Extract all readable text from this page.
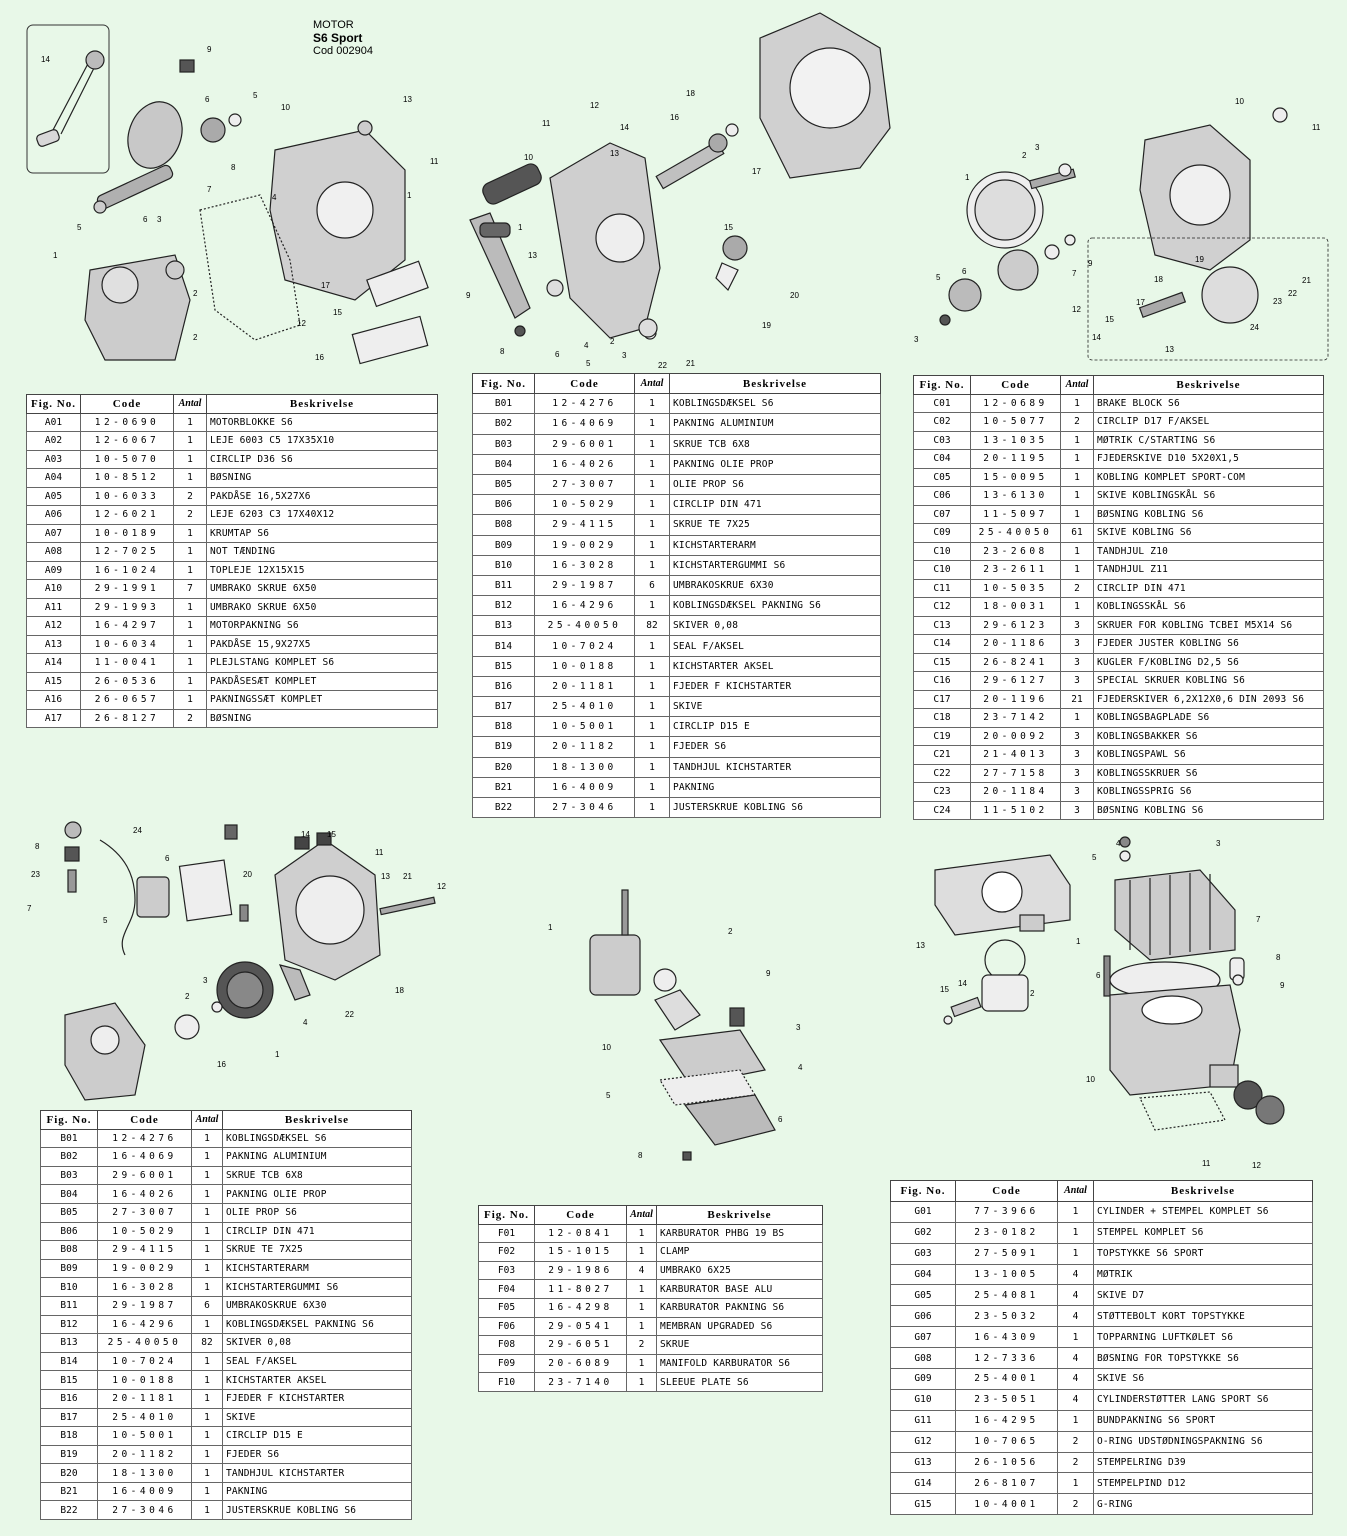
MOTOR
S6 Sport
Cod 002904
14
9
6	5
10
13
11
8
7
4	1
2
3
17
5
6
1
2
15
16
12
12
11
10
14
13
18
16
17
15
1
13
9
8	6
5
3
2
4
22 21
19
20
10
11
2
3
1
9
7
6
5
3
12
17
18
19
21
22
23
24
14
15
13
8
24
23
7
6
5
20
14 15
11
13 21
12
18
3
2
4
22
1
16
1	2
9
3
10
4
5
6
8
4
5
3
13	1
15
14
2
6
7
8
9
10
11	12
Fig. No.	Code	Antal	Beskrivelse
A01	12-0690	1	MOTORBLOKKE S6
A02	12-6067	1	LEJE 6003 C5 17X35X10
A03	10-5070	1	CIRCLIP D36 S6
A04	10-8512	1	BØSNING
A05	10-6033	2	PAKDÅSE 16,5X27X6
A06	12-6021	2	LEJE 6203 C3 17X40X12
A07	10-0189	1	KRUMTAP S6
A08	12-7025	1	NOT TÆNDING
A09	16-1024	1	TOPLEJE 12X15X15
A10	29-1991	7	UMBRAKO SKRUE 6X50
A11	29-1993	1	UMBRAKO SKRUE 6X50
A12	16-4297	1	MOTORPAKNING S6
A13	10-6034	1	PAKDÅSE 15,9X27X5
A14	11-0041	1	PLEJLSTANG KOMPLET S6
A15	26-0536	1	PAKDÅSESÆT KOMPLET
A16	26-0657	1	PAKNINGSSÆT KOMPLET
A17	26-8127	2	BØSNING
Fig. No.	Code	Antal	Beskrivelse
B01	12-4276	1	KOBLINGSDÆKSEL S6
B02	16-4069	1	PAKNING ALUMINIUM
B03	29-6001	1	SKRUE TCB 6X8
B04	16-4026	1	PAKNING OLIE PROP
B05	27-3007	1	OLIE PROP S6
B06	10-5029	1	CIRCLIP DIN 471
B08	29-4115	1	SKRUE TE 7X25
B09	19-0029	1	KICHSTARTERARM
B10	16-3028	1	KICHSTARTERGUMMI S6
B11	29-1987	6	UMBRAKOSKRUE 6X30
B12	16-4296	1	KOBLINGSDÆKSEL PAKNING S6
B13	25-40050	82	SKIVER 0,08
B14	10-7024	1	SEAL F/AKSEL
B15	10-0188	1	KICHSTARTER AKSEL
B16	20-1181	1	FJEDER F KICHSTARTER
B17	25-4010	1	SKIVE
B18	10-5001	1	CIRCLIP D15 E
B19	20-1182	1	FJEDER S6
B20	18-1300	1	TANDHJUL KICHSTARTER
B21	16-4009	1	PAKNING
B22	27-3046	1	JUSTERSKRUE KOBLING S6
Fig. No.	Code	Antal	Beskrivelse
C01	12-0689	1	BRAKE BLOCK S6
C02	10-5077	2	CIRCLIP D17 F/AKSEL
C03	13-1035	1	MØTRIK C/STARTING S6
C04	20-1195	1	FJEDERSKIVE D10 5X20X1,5
C05	15-0095	1	KOBLING KOMPLET SPORT-COM
C06	13-6130	1	SKIVE KOBLINGSKÅL S6
C07	11-5097	1	BØSNING KOBLING S6
C09	25-40050	61	SKIVE KOBLING S6
C10	23-2608	1	TANDHJUL Z10
C10	23-2611	1	TANDHJUL Z11
C11	10-5035	2	CIRCLIP DIN 471
C12	18-0031	1	KOBLINGSSKÅL S6
C13	29-6123	3	SKRUER FOR KOBLING TCBEI M5X14 S6
C14	20-1186	3	FJEDER JUSTER KOBLING S6
C15	26-8241	3	KUGLER F/KOBLING D2,5 S6
C16	29-6127	3	SPECIAL SKRUER KOBLING S6
C17	20-1196	21	FJEDERSKIVER 6,2X12X0,6 DIN 2093 S6
C18	23-7142	1	KOBLINGSBAGPLADE S6
C19	20-0092	3	KOBLINGSBAKKER S6
C21	21-4013	3	KOBLINGSPAWL S6
C22	27-7158	3	KOBLINGSSKRUER S6
C23	20-1184	3	KOBLINGSSPRIG S6
C24	11-5102	3	BØSNING KOBLING S6
Fig. No.	Code	Antal	Beskrivelse
B01	12-4276	1	KOBLINGSDÆKSEL S6
B02	16-4069	1	PAKNING ALUMINIUM
B03	29-6001	1	SKRUE TCB 6X8
B04	16-4026	1	PAKNING OLIE PROP
B05	27-3007	1	OLIE PROP S6
B06	10-5029	1	CIRCLIP DIN 471
B08	29-4115	1	SKRUE TE 7X25
B09	19-0029	1	KICHSTARTERARM
B10	16-3028	1	KICHSTARTERGUMMI S6
B11	29-1987	6	UMBRAKOSKRUE 6X30
B12	16-4296	1	KOBLINGSDÆKSEL PAKNING S6
B13	25-40050	82	SKIVER 0,08
B14	10-7024	1	SEAL F/AKSEL
B15	10-0188	1	KICHSTARTER AKSEL
B16	20-1181	1	FJEDER F KICHSTARTER
B17	25-4010	1	SKIVE
B18	10-5001	1	CIRCLIP D15 E
B19	20-1182	1	FJEDER S6
B20	18-1300	1	TANDHJUL KICHSTARTER
B21	16-4009	1	PAKNING
B22	27-3046	1	JUSTERSKRUE KOBLING S6
Fig. No.	Code	Antal	Beskrivelse
F01	12-0841	1	KARBURATOR PHBG 19 BS
F02	15-1015	1	CLAMP
F03	29-1986	4	UMBRAKO 6X25
F04	11-8027	1	KARBURATOR BASE ALU
F05	16-4298	1	KARBURATOR PAKNING S6
F06	29-0541	1	MEMBRAN UPGRADED S6
F08	29-6051	2	SKRUE
F09	20-6089	1	MANIFOLD KARBURATOR S6
F10	23-7140	1	SLEEUE PLATE S6
Fig. No.	Code	Antal	Beskrivelse
G01	77-3966	1	CYLINDER + STEMPEL KOMPLET S6
G02	23-0182	1	STEMPEL KOMPLET S6
G03	27-5091	1	TOPSTYKKE S6 SPORT
G04	13-1005	4	MØTRIK
G05	25-4081	4	SKIVE D7
G06	23-5032	4	STØTTEBOLT KORT TOPSTYKKE
G07	16-4309	1	TOPPARNING LUFTKØLET S6
G08	12-7336	4	BØSNING FOR TOPSTYKKE S6
G09	25-4001	4	SKIVE S6
G10	23-5051	4	CYLINDERSTØTTER LANG SPORT S6
G11	16-4295	1	BUNDPAKNING S6 SPORT
G12	10-7065	2	O-RING UDSTØDNINGSPAKNING S6
G13	26-1056	2	STEMPELRING D39
G14	26-8107	1	STEMPELPIND D12
G15	10-4001	2	G-RING
